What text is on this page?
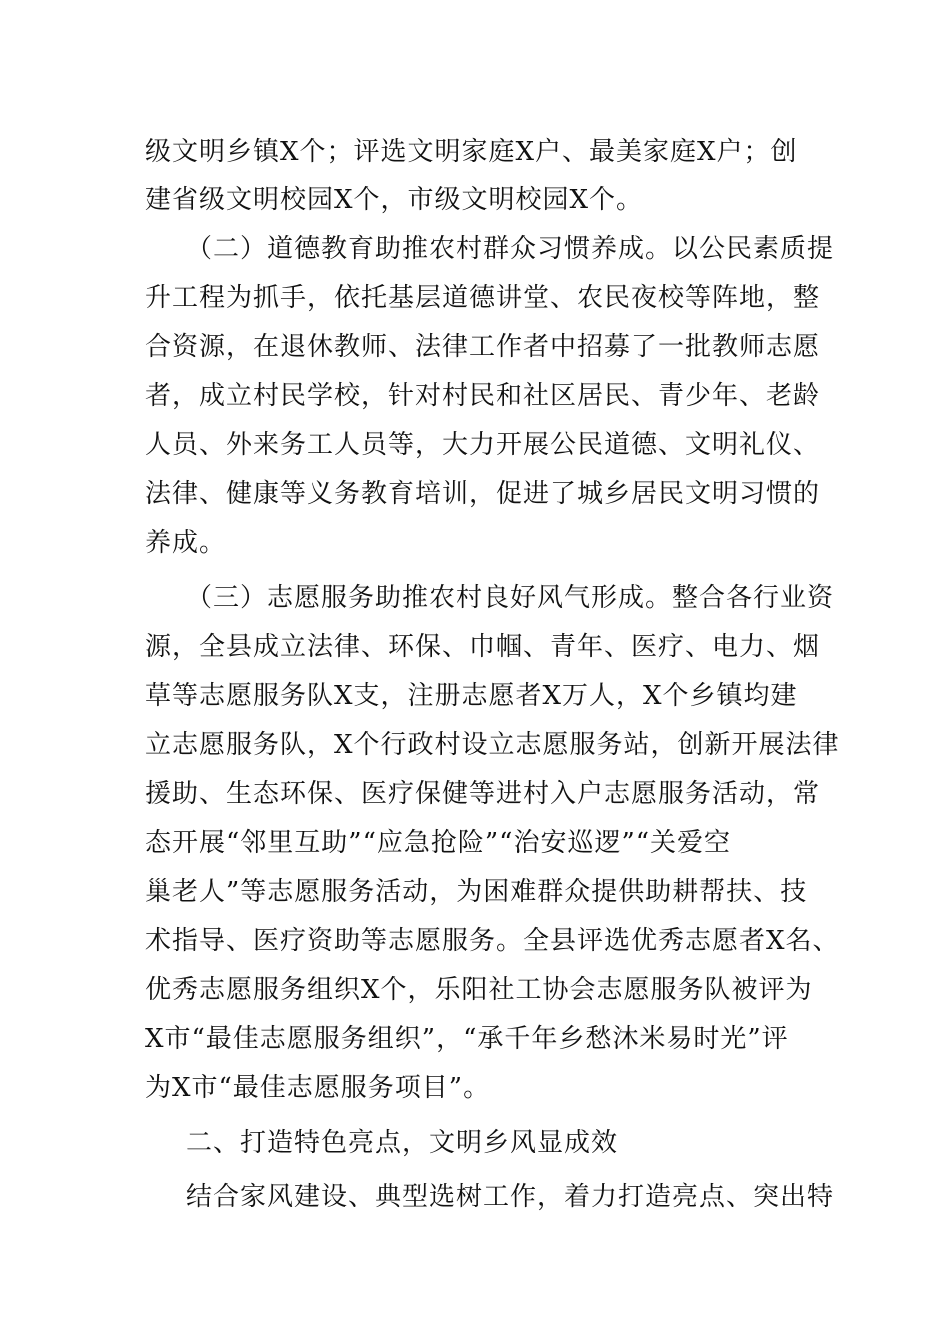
级文明乡镇X个；评选文明家庭X户、最美家庭X户；创
建省级文明校园X个，市级文明校园X个。
（二）道德教育助推农村群众习惯养成。以公民素质提
升工程为抓手，依托基层道德讲堂、农民夜校等阵地，整
合资源，在退休教师、法律工作者中招募了一批教师志愿
者，成立村民学校，针对村民和社区居民、青少年、老龄
人员、外来务工人员等，大力开展公民道德、文明礼仪、
法律、健康等义务教育培训，促进了城乡居民文明习惯的
养成。
（三）志愿服务助推农村良好风气形成。整合各行业资
源，全县成立法律、环保、巾帼、青年、医疗、电力、烟
草等志愿服务队X支，注册志愿者X万人，X个乡镇均建
立志愿服务队，X个行政村设立志愿服务站，创新开展法律
援助、生态环保、医疗保健等进村入户志愿服务活动，常
态开展“邻里互助”“应急抢险”“治安巡逻”“关爱空
巢老人”等志愿服务活动，为困难群众提供助耕帮扶、技
术指导、医疗资助等志愿服务。全县评选优秀志愿者X名、
优秀志愿服务组织X个，乐阳社工协会志愿服务队被评为
X市“最佳志愿服务组织”，“承千年乡愁沐米易时光”评
为X市“最佳志愿服务项目”。
二、打造特色亮点，文明乡风显成效
结合家风建设、典型选树工作，着力打造亮点、突出特
